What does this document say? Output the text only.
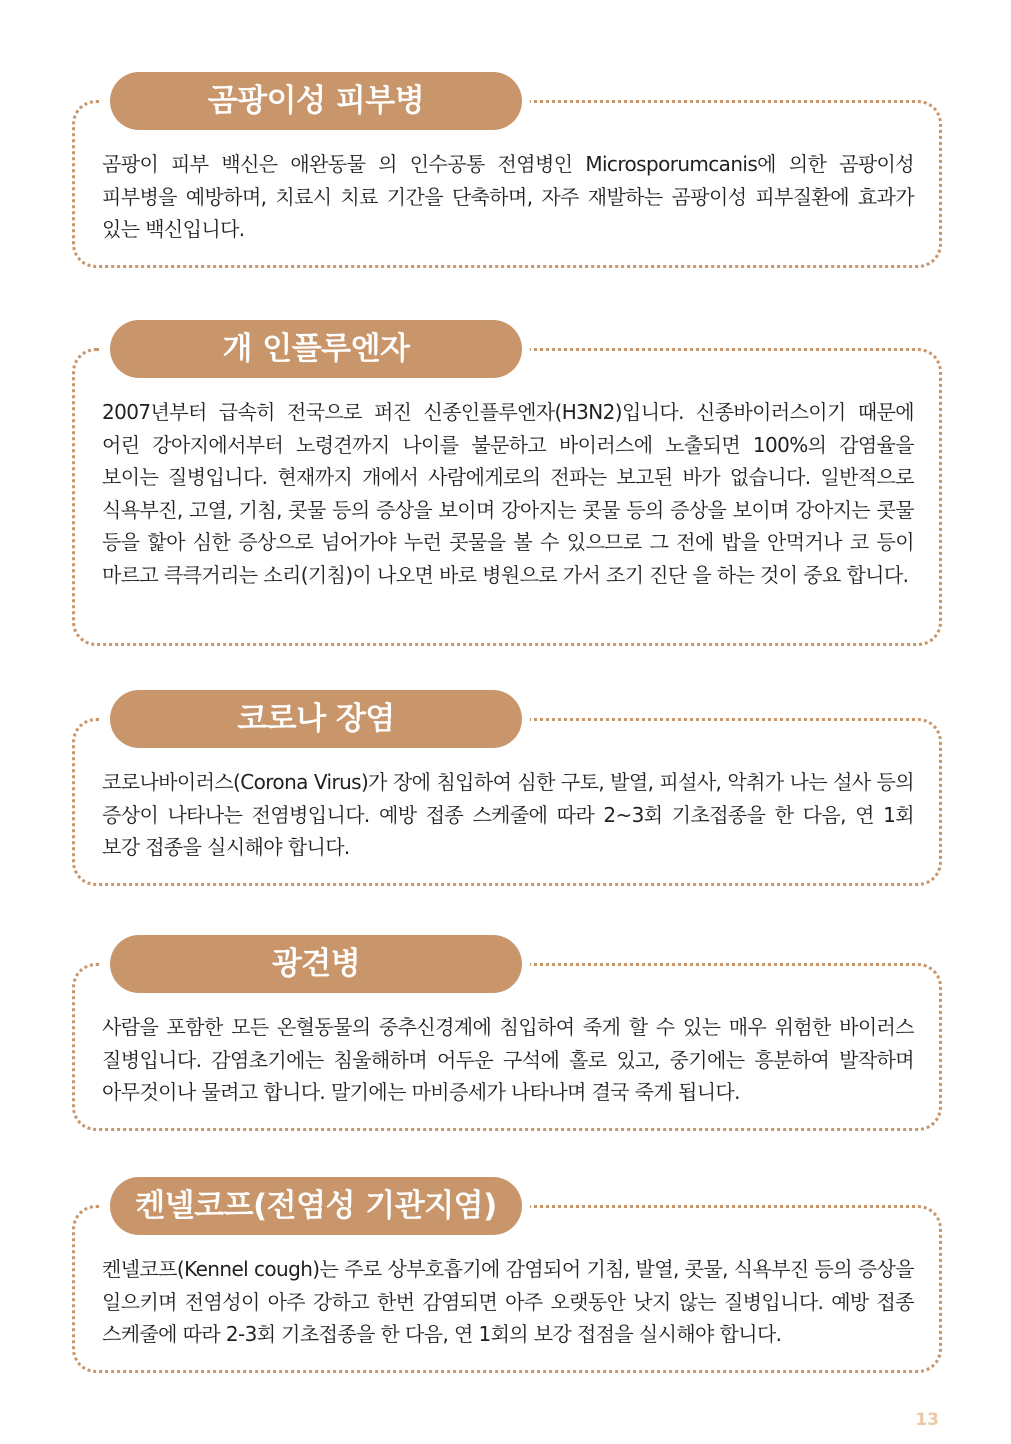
곰팡이성 피부병

곰팡이 피부 백신은 애완동물 의 인수공통 전염병인 Microsporumcanis에 의한 곰팡이성 피부병을 예방하며, 치료시 치료 기간을 단축하며, 자주 재발하는 곰팡이성 피부질환에 효과가 있는 백신입니다.

개 인플루엔자

2007년부터 급속히 전국으로 퍼진 신종인플루엔자(H3N2)입니다. 신종바이러스이기 때문에 어린 강아지에서부터 노령견까지 나이를 불문하고 바이러스에 노출되면 100%의 감염율을 보이는 질병입니다. 현재까지 개에서 사람에게로의 전파는 보고된 바가 없습니다. 일반적으로 식욕부진, 고열, 기침, 콧물 등의 증상을 보이며 강아지는 콧물 등의 증상을 보이며 강아지는 콧물 등을 핥아 심한 증상으로 넘어가야 누런 콧물을 볼 수 있으므로 그 전에 밥을 안먹거나 코 등이 마르고 큭큭거리는 소리(기침)이 나오면 바로 병원으로 가서 조기 진단 을 하는 것이 중요 합니다.

코로나 장염

코로나바이러스(Corona Virus)가 장에 침입하여 심한 구토, 발열, 피설사, 악취가 나는 설사 등의 증상이 나타나는 전염병입니다. 예방 접종 스케줄에 따라 2~3회 기초접종을 한 다음, 연 1회 보강 접종을 실시해야 합니다.

광견병

사람을 포함한 모든 온혈동물의 중추신경계에 침입하여 죽게 할 수 있는 매우 위험한 바이러스 질병입니다. 감염초기에는 침울해하며 어두운 구석에 홀로 있고, 중기에는 흥분하여 발작하며 아무것이나 물려고 합니다. 말기에는 마비증세가 나타나며 결국 죽게 됩니다.

켄넬코프(전염성 기관지염)

켄넬코프(Kennel cough)는 주로 상부호흡기에 감염되어 기침, 발열, 콧물, 식욕부진 등의 증상을 일으키며 전염성이 아주 강하고 한번 감염되면 아주 오랫동안 낫지 않는 질병입니다. 예방 접종 스케줄에 따라 2-3회 기초접종을 한 다음, 연 1회의 보강 접점을 실시해야 합니다.

13
